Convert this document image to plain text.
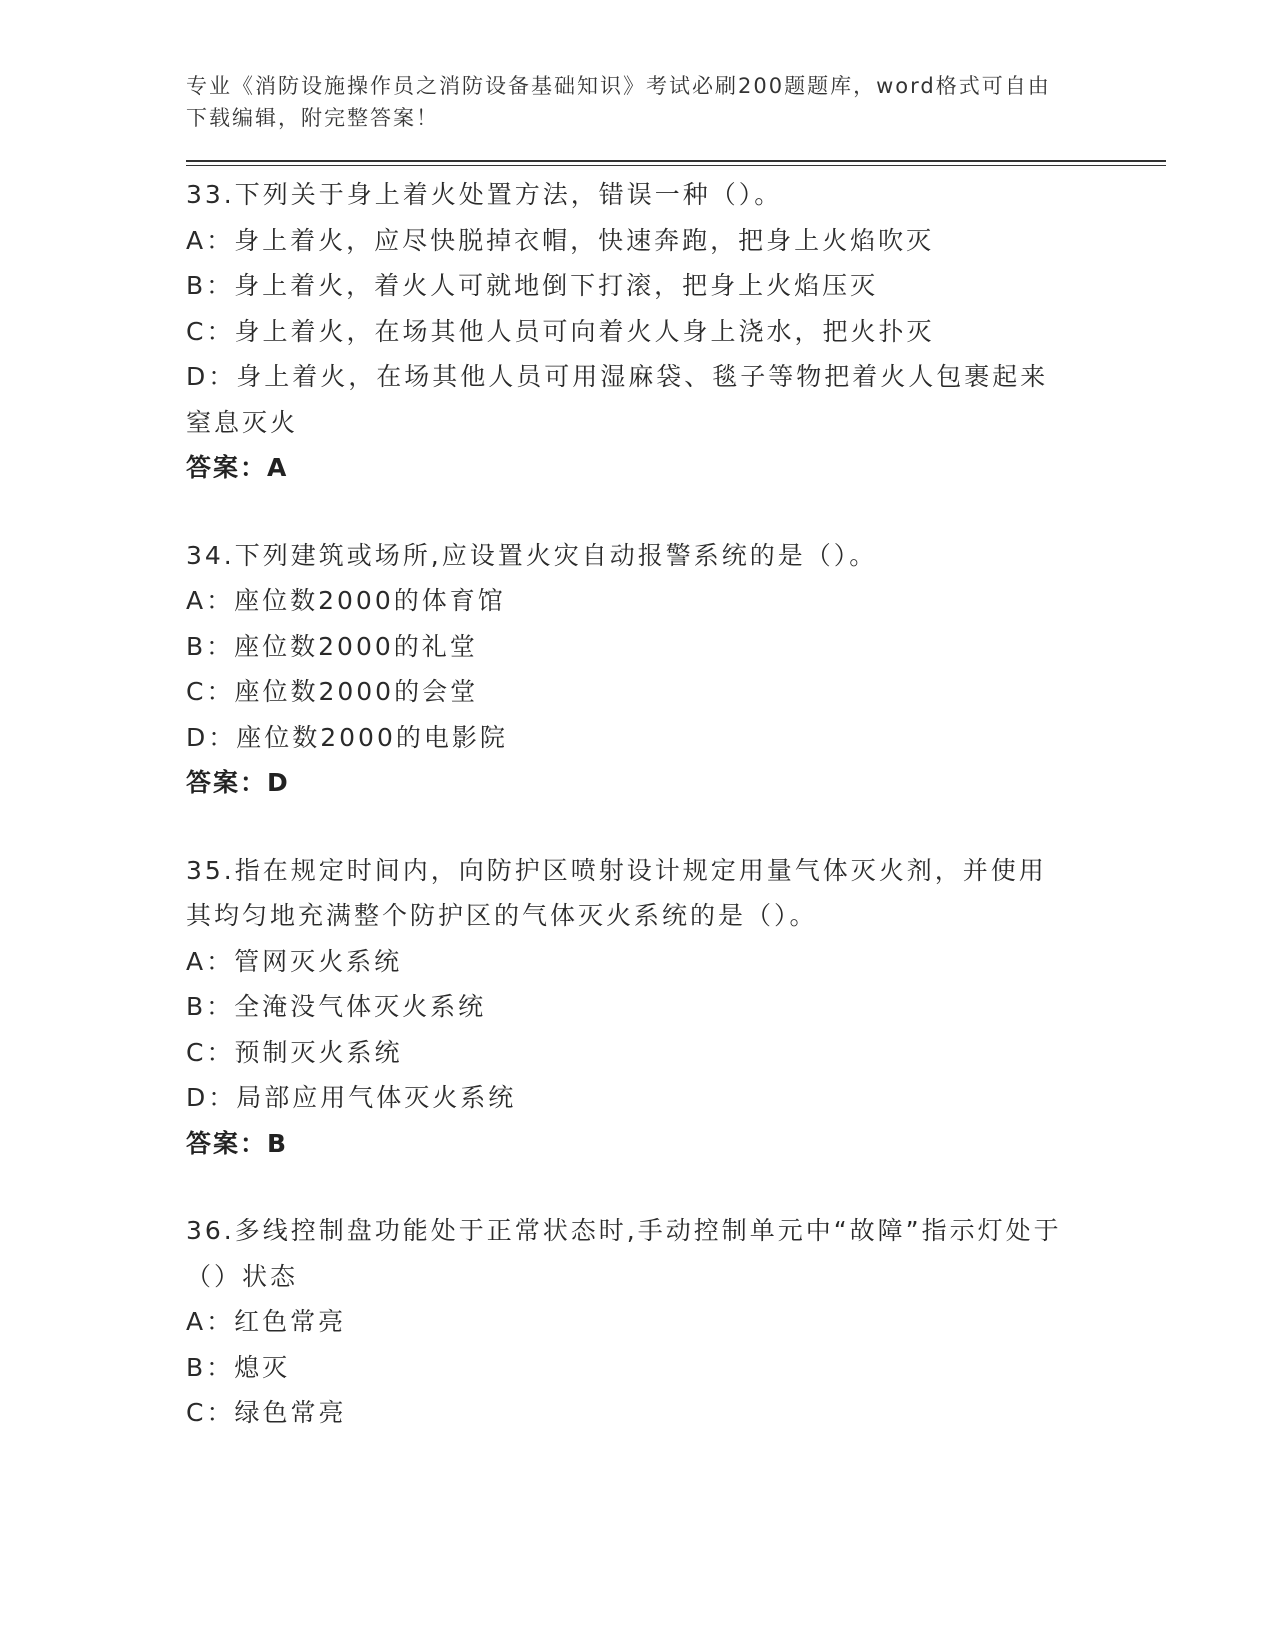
专业《消防设施操作员之消防设备基础知识》考试必刷200题题库，word格式可自由下载编辑，附完整答案！
33.下列关于身上着火处置方法，错误一种（）。
A：身上着火，应尽快脱掉衣帽，快速奔跑，把身上火焰吹灭
B：身上着火，着火人可就地倒下打滚，把身上火焰压灭
C：身上着火，在场其他人员可向着火人身上浇水，把火扑灭
D：身上着火，在场其他人员可用湿麻袋、毯子等物把着火人包裹起来窒息灭火
答案：A
34.下列建筑或场所,应设置火灾自动报警系统的是（）。
A：座位数2000的体育馆
B：座位数2000的礼堂
C：座位数2000的会堂
D：座位数2000的电影院
答案：D
35.指在规定时间内，向防护区喷射设计规定用量气体灭火剂，并使用其均匀地充满整个防护区的气体灭火系统的是（）。
A：管网灭火系统
B：全淹没气体灭火系统
C：预制灭火系统
D：局部应用气体灭火系统
答案：B
36.多线控制盘功能处于正常状态时,手动控制单元中“故障”指示灯处于（）状态
A：红色常亮
B：熄灭
C：绿色常亮
